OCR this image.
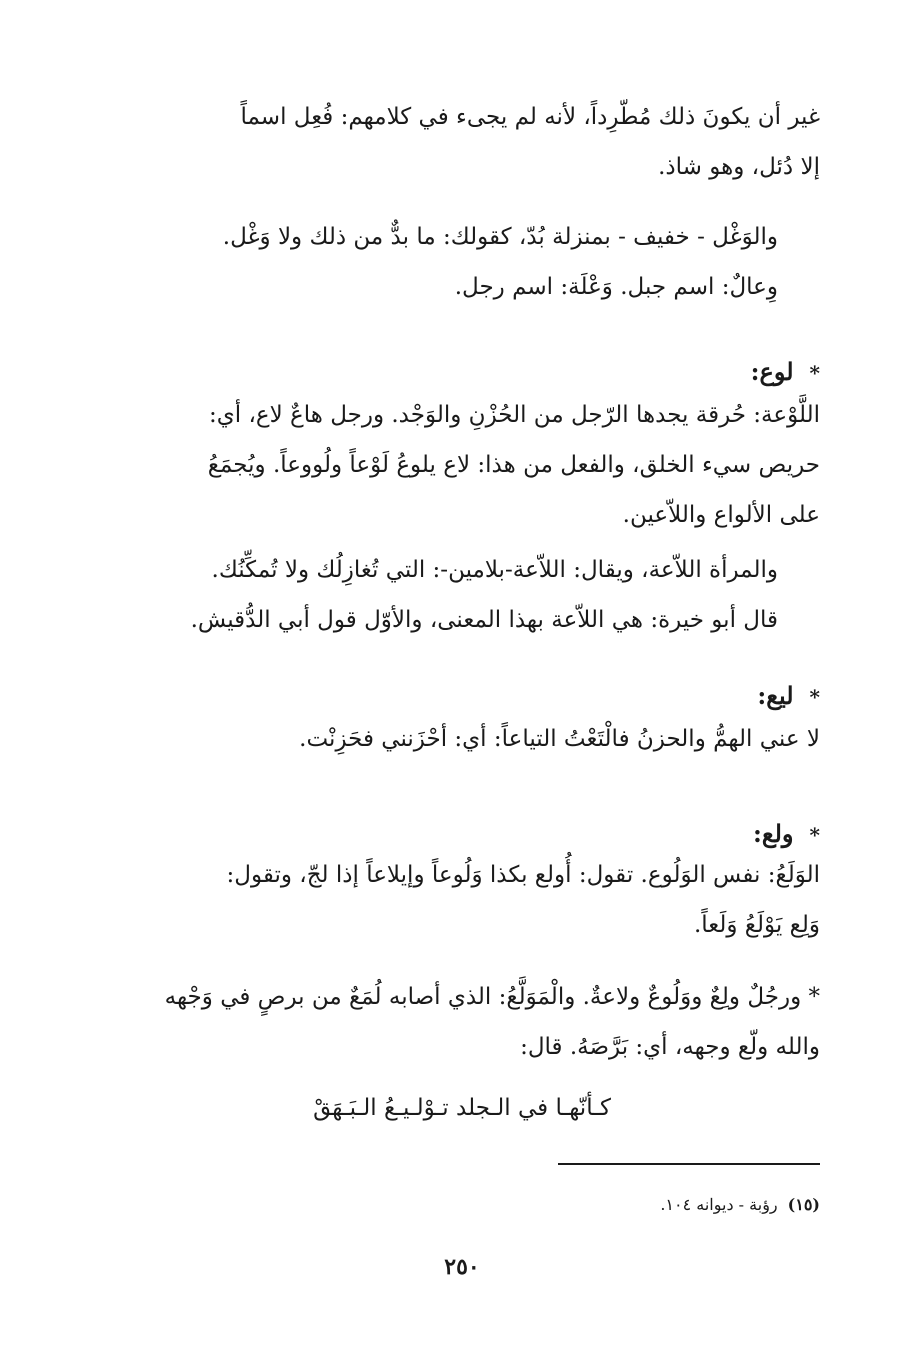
غير أن يكونَ ذلك مُطّرِداً، لأنه لم يجىء في كلامهم: فُعِل اسماً
إلا دُئل، وهو شاذ.
والوَغْل - خفيف - بمنزلة بُدّ، كقولك: ما بدٌّ من ذلك ولا وَغْل.
وِعالٌ: اسم جبل. وَعْلَة: اسم رجل.
*لوع:
اللَّوْعة: حُرقة يجدها الرّجل من الحُزْنِ والوَجْد. ورجل هاعٌ لاع، أي:
حريص سيء الخلق، والفعل من هذا: لاع يلوعُ لَوْعاً ولُووعاً. ويُجمَعُ
على الألواع واللاّعين.
والمرأة اللاّعة، ويقال: اللاّعة-بلامين-: التي تُغازِلُك ولا تُمكِّنُك.
قال أبو خيرة: هي اللاّعة بهذا المعنى، والأوّل قول أبي الدُّقيش.
*ليع:
لا عني الهمُّ والحزنُ فالْتَعْتُ التياعاً: أي: أحْزَنني فحَزِنْت.
*ولع:
الوَلَعُ: نفس الوَلُوع. تقول: أُولع بكذا وَلُوعاً وإيلاعاً إذا لجّ، وتقول:
وَلِع يَوْلَعُ وَلَعاً.
* ورجُلٌ ولِعٌ ووَلُوعٌ ولاعةٌ. والْمَوَلَّعُ: الذي أصابه لُمَعٌ من برصٍ في وَجْهه
والله ولّع وجهه، أي: بَرَّصَهُ. قال:
كـأنّهـا في الـجلد تـوْلـيـعُ الـبَـهَقْ
(١٥)رؤبة - ديوانه ١٠٤.
٢٥٠
